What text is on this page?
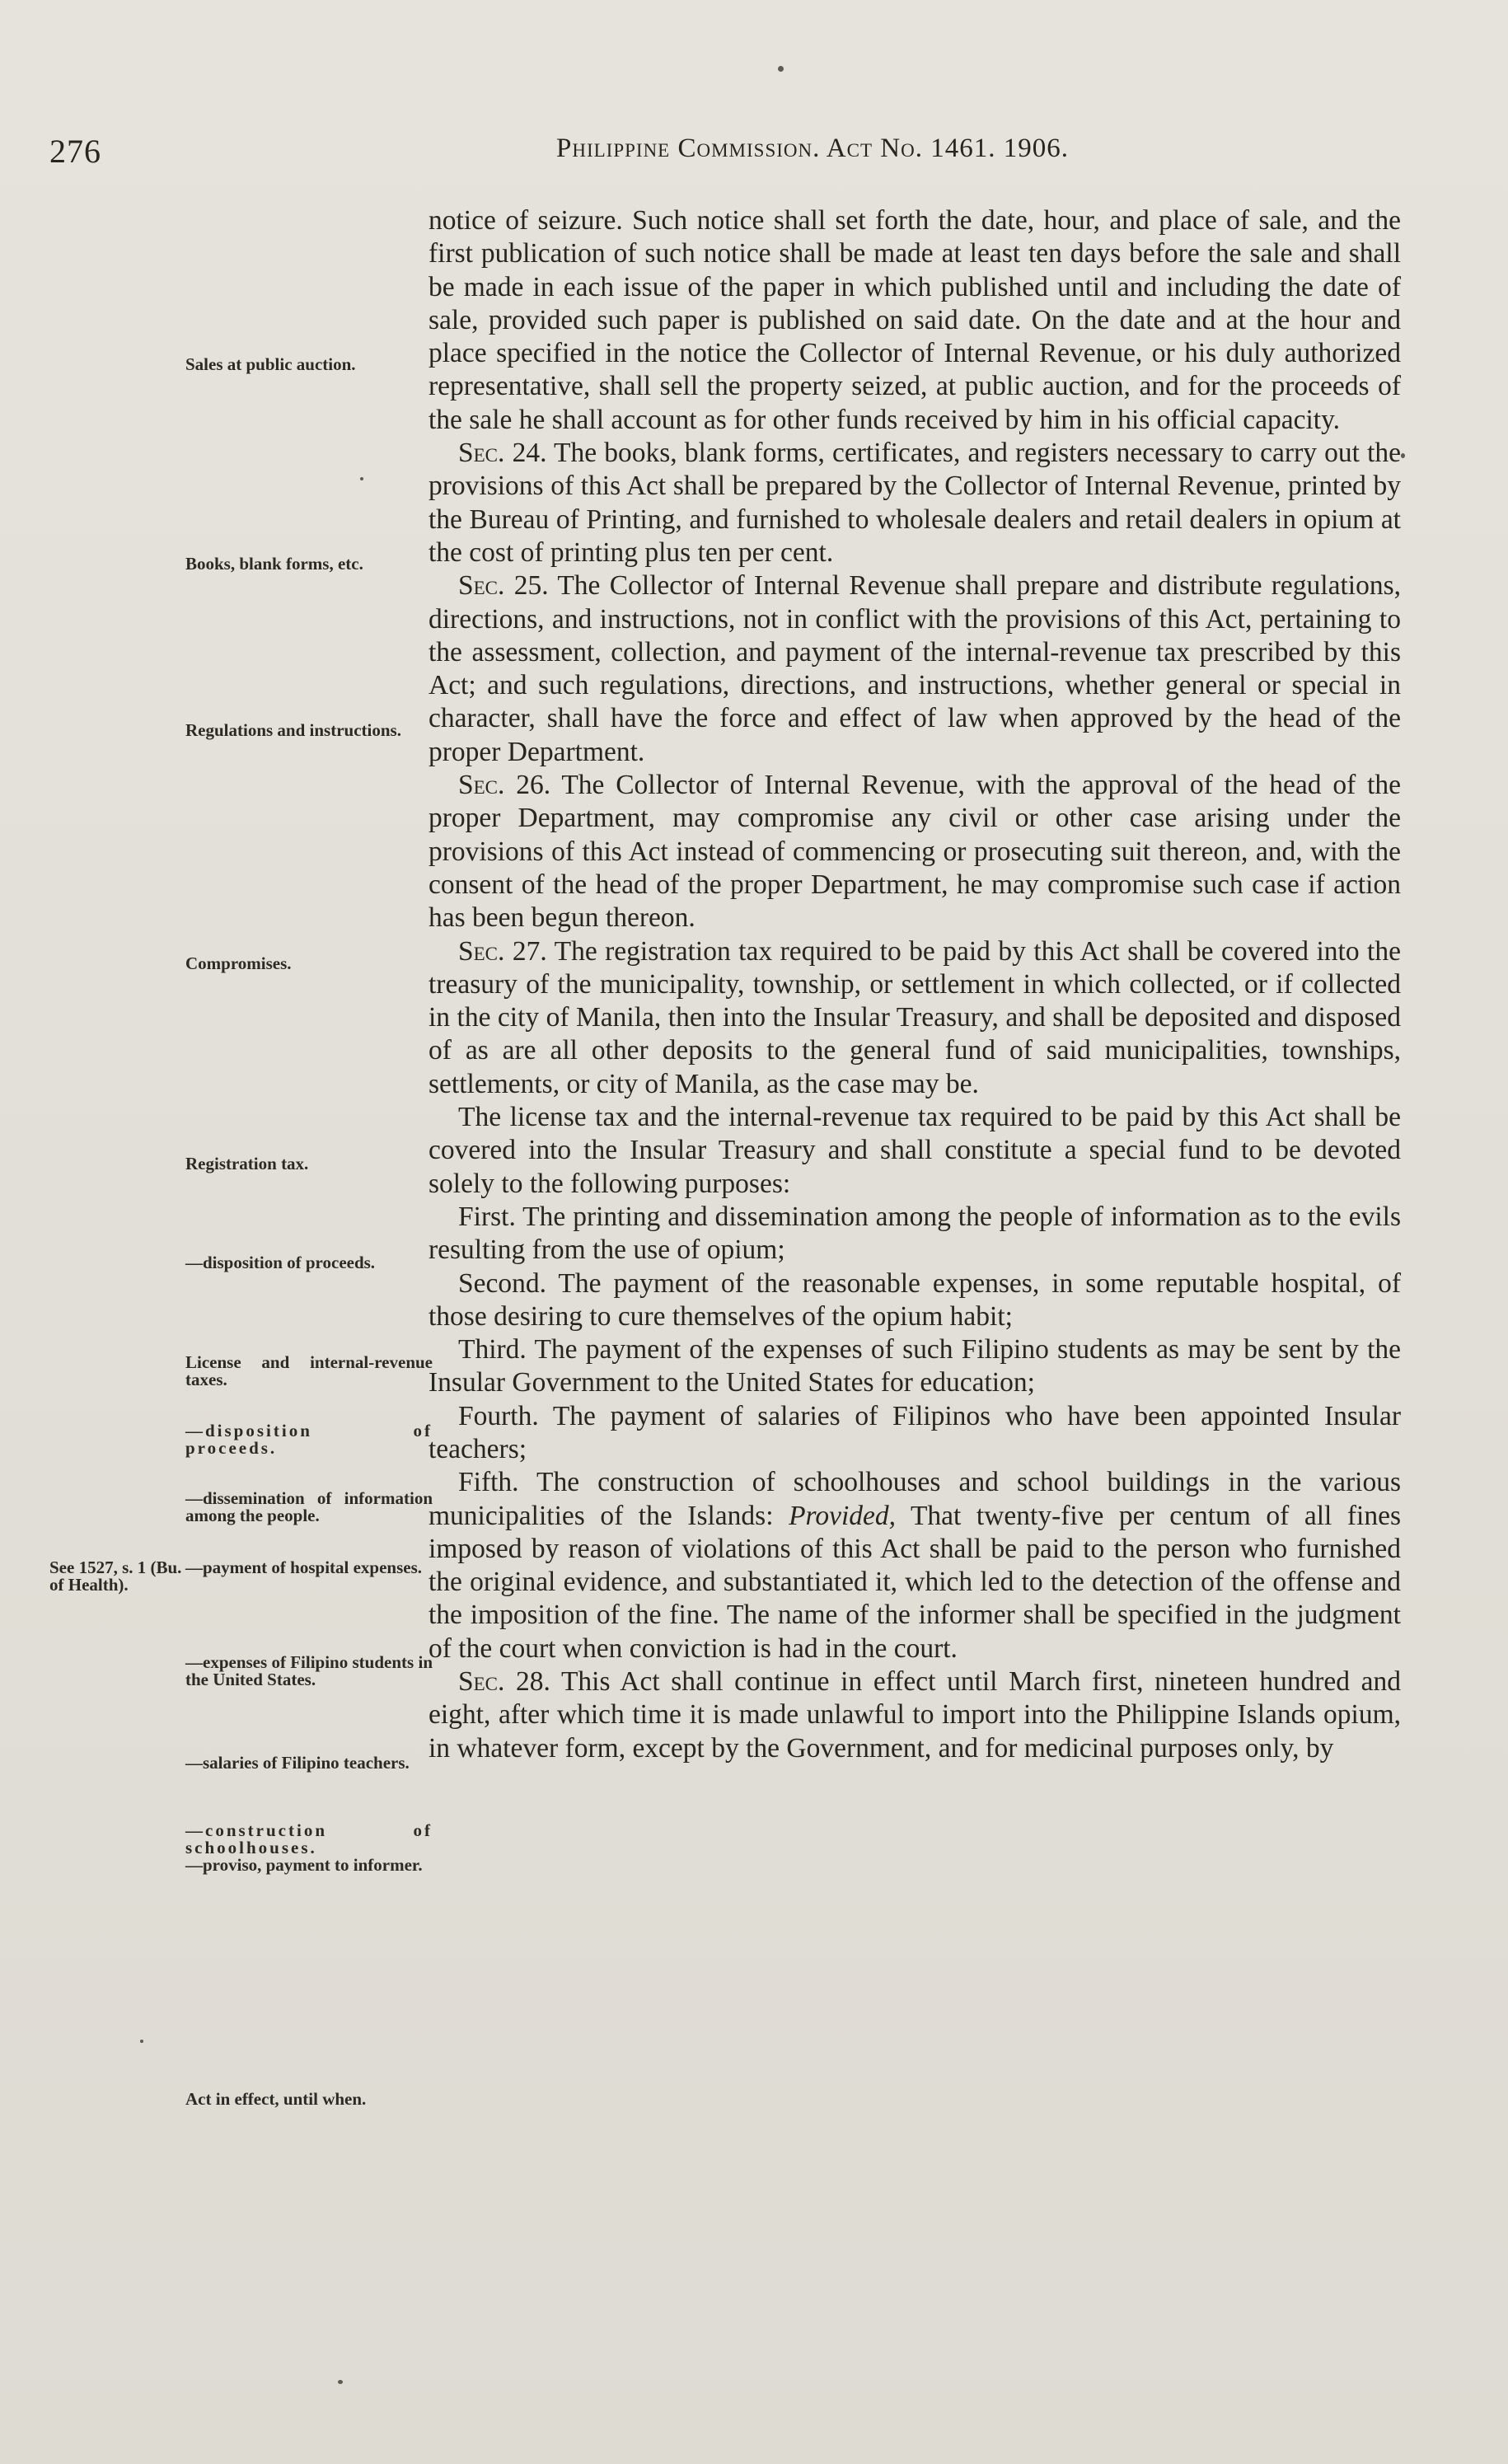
276	Philippine Commission. Act No. 1461. 1906.
Sales at public auction.
Books, blank forms, etc.
Regulations and instructions.
Compromises.
Registration tax.
—disposition of proceeds.
License and internal-revenue taxes.
—disposition of proceeds.
—dissemination of information among the people.
See 1527, s. 1 (Bu. of Health).
—payment of hospital expenses.
—expenses of Filipino students in the United States.
—salaries of Filipino teachers.
—construction of schoolhouses.
—proviso, payment to informer.
Act in effect, until when.

notice of seizure. Such notice shall set forth the date, hour, and place of sale, and the first publication of such notice shall be made at least ten days before the sale and shall be made in each issue of the paper in which published until and including the date of sale, provided such paper is published on said date. On the date and at the hour and place specified in the notice the Collector of Internal Revenue, or his duly authorized representative, shall sell the property seized, at public auction, and for the proceeds of the sale he shall account as for other funds received by him in his official capacity.

Sec. 24. The books, blank forms, certificates, and registers necessary to carry out the provisions of this Act shall be prepared by the Collector of Internal Revenue, printed by the Bureau of Printing, and furnished to wholesale dealers and retail dealers in opium at the cost of printing plus ten per cent.

Sec. 25. The Collector of Internal Revenue shall prepare and distribute regulations, directions, and instructions, not in conflict with the provisions of this Act, pertaining to the assessment, collection, and payment of the internal-revenue tax prescribed by this Act; and such regulations, directions, and instructions, whether general or special in character, shall have the force and effect of law when approved by the head of the proper Department.

Sec. 26. The Collector of Internal Revenue, with the approval of the head of the proper Department, may compromise any civil or other case arising under the provisions of this Act instead of commencing or prosecuting suit thereon, and, with the consent of the head of the proper Department, he may compromise such case if action has been begun thereon.

Sec. 27. The registration tax required to be paid by this Act shall be covered into the treasury of the municipality, township, or settlement in which collected, or if collected in the city of Manila, then into the Insular Treasury, and shall be deposited and disposed of as are all other deposits to the general fund of said municipalities, townships, settlements, or city of Manila, as the case may be.

The license tax and the internal-revenue tax required to be paid by this Act shall be covered into the Insular Treasury and shall constitute a special fund to be devoted solely to the following purposes:

First. The printing and dissemination among the people of information as to the evils resulting from the use of opium;

Second. The payment of the reasonable expenses, in some reputable hospital, of those desiring to cure themselves of the opium habit;

Third. The payment of the expenses of such Filipino students as may be sent by the Insular Government to the United States for education;

Fourth. The payment of salaries of Filipinos who have been appointed Insular teachers;

Fifth. The construction of schoolhouses and school buildings in the various municipalities of the Islands: Provided, That twenty-five per centum of all fines imposed by reason of violations of this Act shall be paid to the person who furnished the original evidence, and substantiated it, which led to the detection of the offense and the imposition of the fine. The name of the informer shall be specified in the judgment of the court when conviction is had in the court.

Sec. 28. This Act shall continue in effect until March first, nineteen hundred and eight, after which time it is made unlawful to import into the Philippine Islands opium, in whatever form, except by the Government, and for medicinal purposes only, by
